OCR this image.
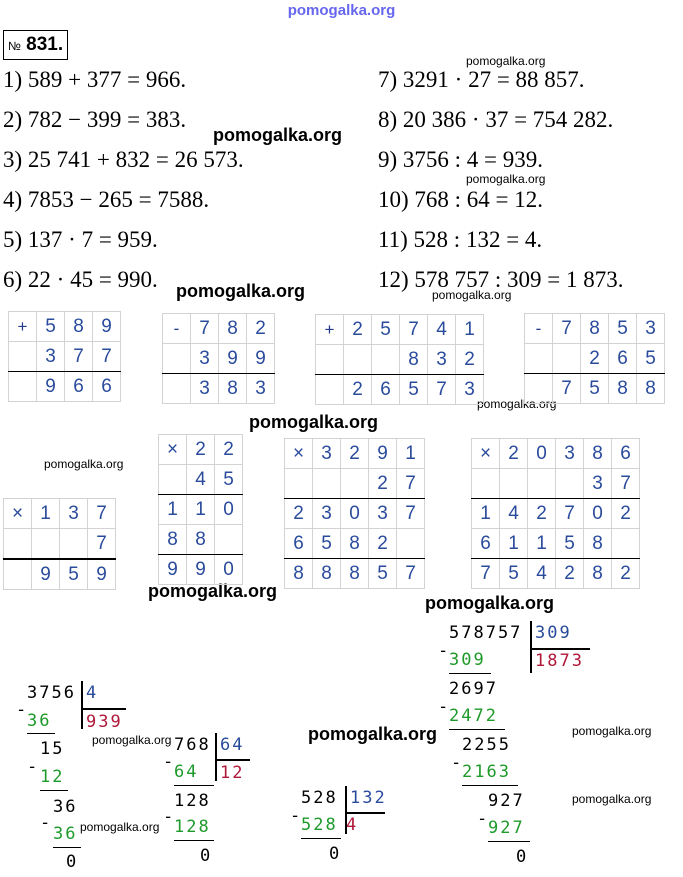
pomogalka.org
№ 831.
1) 589 + 377 = 966.
2) 782 − 399 = 383.
3) 25 741 + 832 = 26 573.
4) 7853 − 265 = 7588.
5) 137 · 7 = 959.
6) 22 · 45 = 990.
7) 3291 · 27 = 88 857.
8) 20 386 · 37 = 754 282.
9) 3756 : 4 = 939.
10) 768 : 64 = 12.
11) 528 : 132 = 4.
12) 578 757 : 309 = 1 873.
pomogalka.org
pomogalka.org
pomogalka.org
pomogalka.org	pomogalka.org
pomogalka.org
pomogalka.org
pomogalka.org
pomogalka.org
pomogalka.org
pomogalka.org
pomogalka.org
pomogalka.org
pomogalka.org
pomogalka.org
+	5	8	9
	3	7	7
	9	6	6
-	7	8	2
	3	9	9
	3	8	3
+	2	5	7	4	1
			8	3	2
	2	6	5	7	3
-	7	8	5	3
		2	6	5
	7	5	8	8
×	1	3	7
			7
	9	5	9
×	2	2
	4	5
1	1	0
8	8	
9	9	0
×	3	2	9	1
			2	7
2	3	0	3	7
6	5	8	2	
8	8	8	5	7
×	2	0	3	8	6
				3	7
1	4	2	7	0	2
6	1	1	5	8	
7	5	4	2	8	2
3756 4
939
-
36
15
- 12
36
-
36
0
768 64
12
-
64
128
-
128
0
528 132
4
-
528
0
578757 309
1873
-
309
2697
-
2472
2255
-
2163
927
-
927
0
